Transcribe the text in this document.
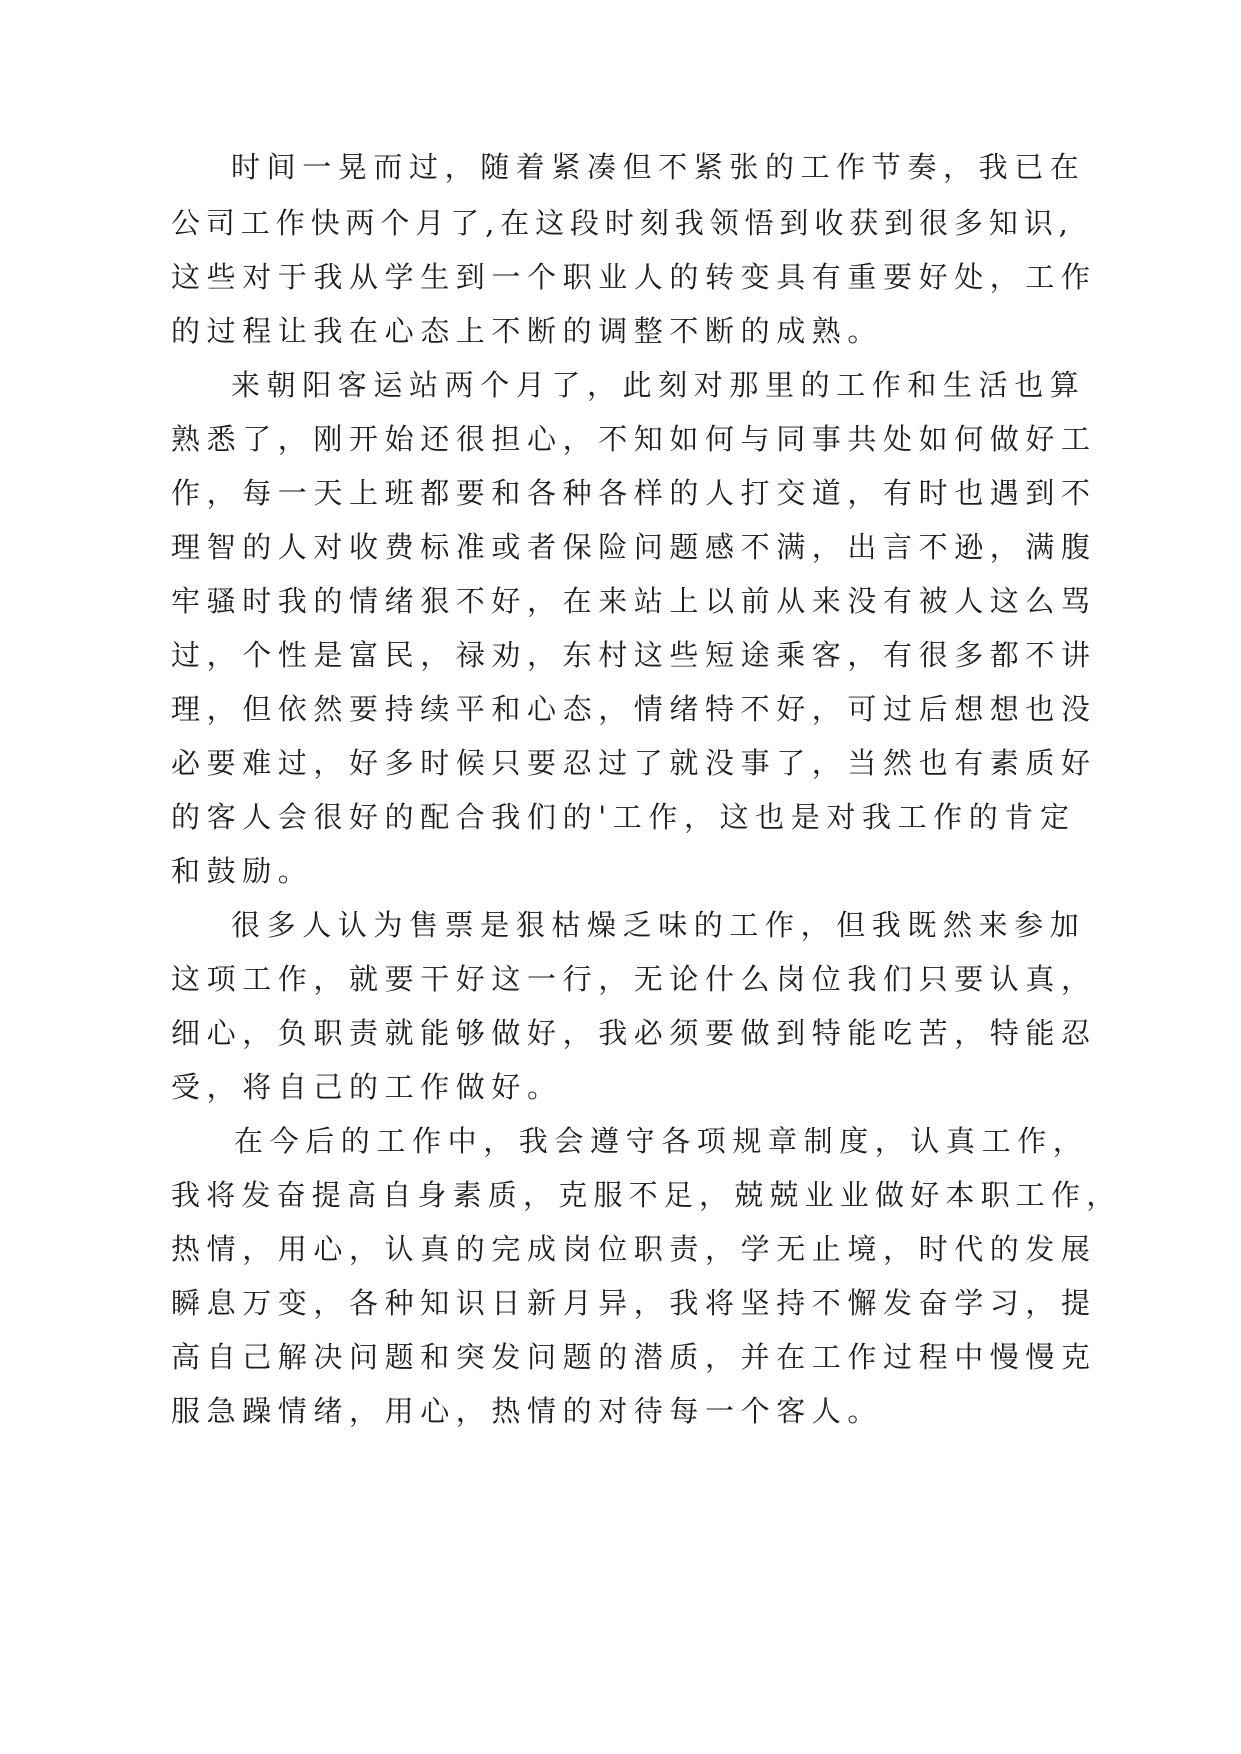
时间一晃而过，随着紧凑但不紧张的工作节奏，我已在

公司工作快两个月了,在这段时刻我领悟到收获到很多知识,

这些对于我从学生到一个职业人的转变具有重要好处，工作

的过程让我在心态上不断的调整不断的成熟。

来朝阳客运站两个月了，此刻对那里的工作和生活也算

熟悉了，刚开始还很担心，不知如何与同事共处如何做好工

作，每一天上班都要和各种各样的人打交道，有时也遇到不

理智的人对收费标准或者保险问题感不满，出言不逊，满腹

牢骚时我的情绪狠不好，在来站上以前从来没有被人这么骂

过，个性是富民，禄劝，东村这些短途乘客，有很多都不讲

理，但依然要持续平和心态，情绪特不好，可过后想想也没

必要难过，好多时候只要忍过了就没事了，当然也有素质好

的客人会很好的配合我们的'工作，这也是对我工作的肯定

和鼓励。

很多人认为售票是狠枯燥乏味的工作，但我既然来参加

这项工作，就要干好这一行，无论什么岗位我们只要认真，

细心，负职责就能够做好，我必须要做到特能吃苦，特能忍

受，将自己的工作做好。

在今后的工作中，我会遵守各项规章制度，认真工作，

我将发奋提高自身素质，克服不足，兢兢业业做好本职工作，

热情，用心，认真的完成岗位职责，学无止境，时代的发展

瞬息万变，各种知识日新月异，我将坚持不懈发奋学习，提

高自己解决问题和突发问题的潜质，并在工作过程中慢慢克

服急躁情绪，用心，热情的对待每一个客人。
